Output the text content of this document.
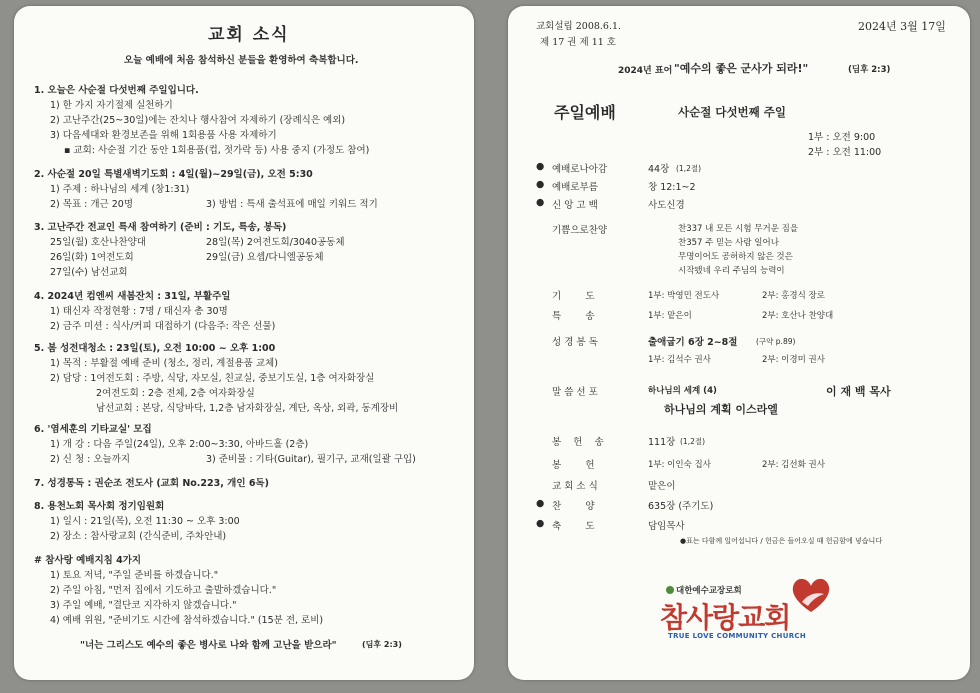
교회 소식
오늘 예배에 처음 참석하신 분들을 환영하여 축복합니다.
1. 오늘은 사순절 다섯번째 주일입니다.
1) 한 가지 자기절제 실천하기
2) 고난주간(25~30일)에는 잔치나 행사참여 자제하기 (장례식은 예외)
3) 다음세대와 환경보존을 위해 1회용품 사용 자제하기
▪ 교회: 사순절 기간 동안 1회용품(컵, 젓가락 등) 사용 중지 (가정도 참여)
2. 사순절 20일 특별새벽기도회 : 4일(월)~29일(금), 오전 5:30
1) 주제 : 하나님의 세계 (창1:31)
2) 목표 : 개근 20명	3) 방법 : 특새 출석표에 매일 키워드 적기
3. 고난주간 전교인 특새 참여하기 (준비 : 기도, 특송, 봉독)
25일(월) 호산나찬양대	28일(목) 2여전도회/3040공동체
26일(화) 1여전도회	29일(금) 요셉/다니엘공동체
27일(수) 남선교회
4. 2024년 컴엔씨 새봄잔치 : 31일, 부활주일
1) 태신자 작정현황 : 7명 / 태신자 총 30명
2) 금주 미션 : 식사/커피 대접하기 (다음주: 작은 선물)
5. 봄 성전대청소 : 23일(토), 오전 10:00 ~ 오후 1:00
1) 목적 : 부활절 예배 준비 (청소, 정리, 계절용품 교체)
2) 담당 : 1여전도회 : 주방, 식당, 자모실, 친교실, 중보기도실, 1층 여자화장실
2여전도회 : 2층 전체, 2층 여자화장실
남선교회 : 본당, 식당바닥, 1,2층 남자화장실, 계단, 옥상, 외곽, 동계장비
6. '염세훈의 기타교실' 모집
1) 개 강 : 다음 주일(24일), 오후 2:00~3:30, 아바드홀 (2층)
2) 신 청 : 오늘까지	3) 준비물 : 기타(Guitar), 필기구, 교재(일괄 구입)
7. 성경통독 : 권순조 전도사 (교회 No.223, 개인 6독)
8. 용천노회 목사회 정기임원회
1) 일시 : 21일(목), 오전 11:30 ~ 오후 3:00
2) 장소 : 참사랑교회 (간식준비, 주차안내)
# 참사랑 예배지침 4가지
1) 토요 저녁, "주일 준비를 하겠습니다."
2) 주일 아침, "먼저 집에서 기도하고 출발하겠습니다."
3) 주일 예배, "결단코 지각하지 않겠습니다."
4) 예배 위원, "준비기도 시간에 참석하겠습니다." (15분 전, 로비)
"너는 그리스도 예수의 좋은 병사로 나와 함께 고난을 받으라"	(딤후 2:3)
교회설립 2008.6.1.
제 17 권 제 11 호
2024년 3월 17일
2024년 표어 "예수의 좋은 군사가 되라!"	(딤후 2:3)
주일예배	사순절 다섯번째 주일
1부 : 오전 9:00
2부 : 오전 11:00
● 예배로나아감	44장 (1,2절)
● 예배로부름	창 12:1~2
● 신 앙 고 백	사도신경
기쁨으로찬양	찬337 내 모든 시험 무거운 짐을
찬357 주 믿는 사람 일어나
무명이어도 공허하지 않은 것은
시작됐네 우리 주님의 능력이
기        도	1부: 박영민 전도사	2부: 홍경식 장로
특        송	1부: 맡은이	2부: 호산나 찬양대
성 경 봉 독	출애굽기 6장 2~8절 (구약 p.89)
1부: 김석수 권사	2부: 이경미 권사
말 씀 선 포	하나님의 세계 (4)	이 재 백 목사
하나님의 계획 이스라엘
봉    헌    송	111장 (1,2절)
봉        헌	1부: 이인숙 집사	2부: 김선화 권사
교 회 소 식	맡은이
● 찬        양	635장 (주기도)
● 축        도	담임목사
●표는 다함께 일어섭니다 / 헌금은 들어오실 때 헌금함에 넣습니다
대한예수교장로회
참사랑교회
TRUE LOVE COMMUNITY CHURCH
